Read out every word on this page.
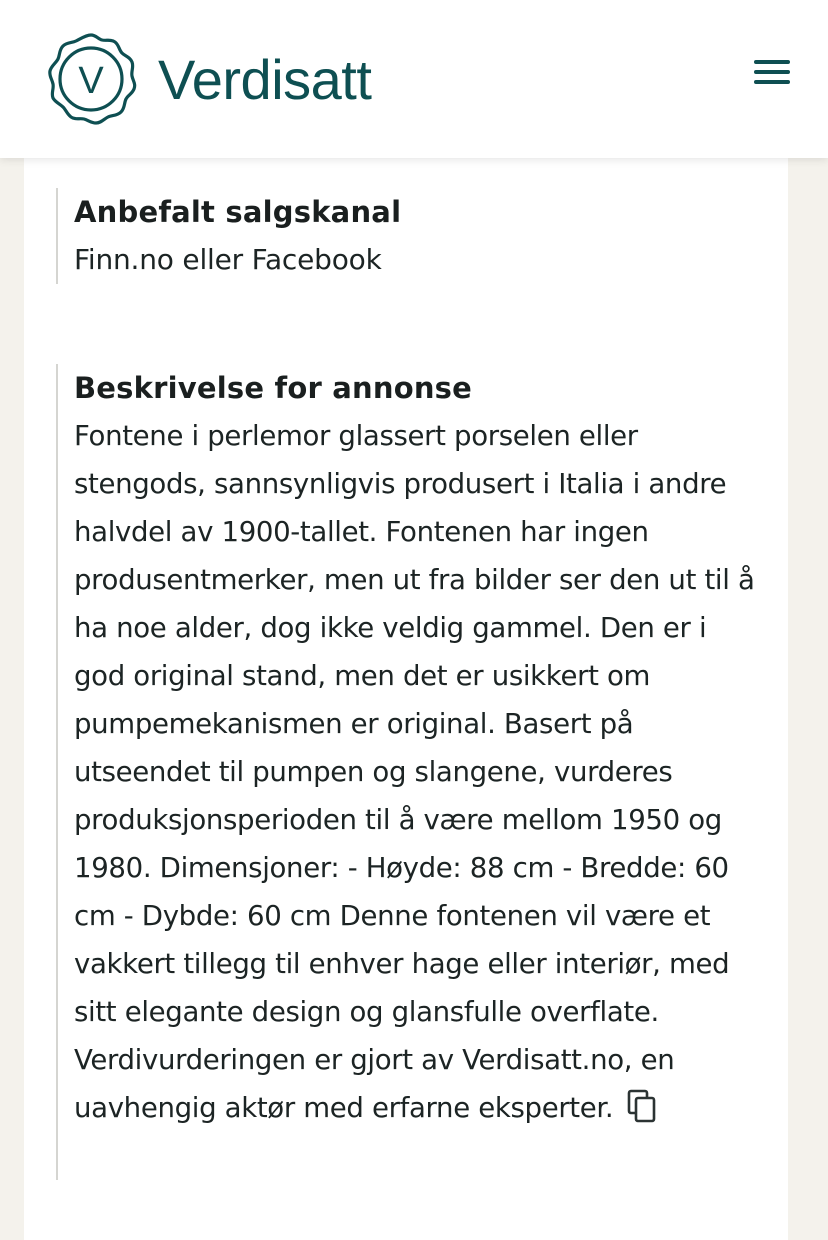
V Verdisatt
Anbefalt salgskanal
Finn.no eller Facebook
Beskrivelse for annonse
Fontene i perlemor glassert porselen eller stengods, sannsynligvis produsert i Italia i andre halvdel av 1900-tallet. Fontenen har ingen produsentmerker, men ut fra bilder ser den ut til å ha noe alder, dog ikke veldig gammel. Den er i god original stand, men det er usikkert om pumpemekanismen er original. Basert på utseendet til pumpen og slangene, vurderes produksjonsperioden til å være mellom 1950 og 1980. Dimensjoner: - Høyde: 88 cm - Bredde: 60 cm - Dybde: 60 cm Denne fontenen vil være et vakkert tillegg til enhver hage eller interiør, med sitt elegante design og glansfulle overflate. Verdivurderingen er gjort av Verdisatt.no, en uavhengig aktør med erfarne eksperter.
